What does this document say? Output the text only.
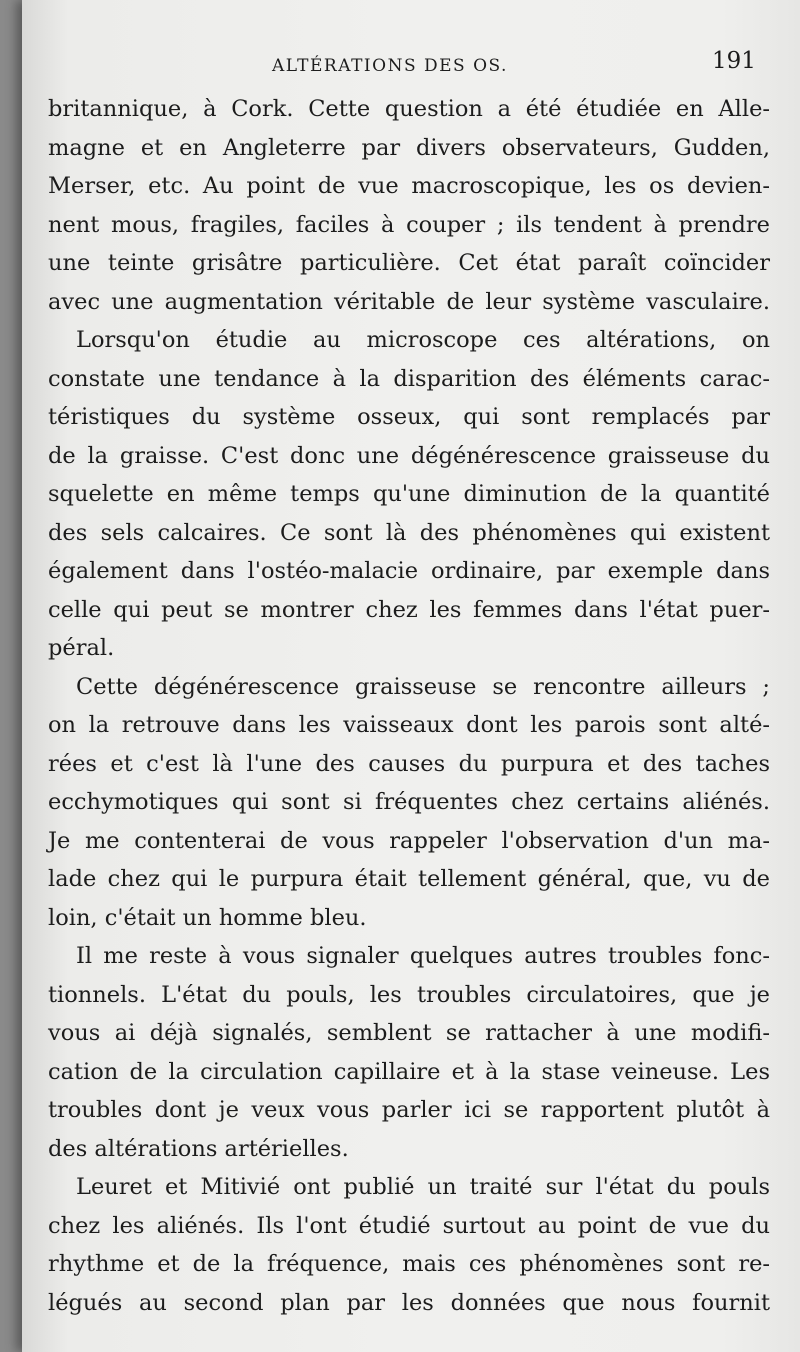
ALTÉRATIONS DES OS.	191
britannique, à Cork. Cette question a été étudiée en Alle-
magne et en Angleterre par divers observateurs, Gudden,
Merser, etc. Au point de vue macroscopique, les os devien-
nent mous, fragiles, faciles à couper ; ils tendent à prendre
une teinte grisâtre particulière. Cet état paraît coïncider
avec une augmentation véritable de leur système vasculaire.
Lorsqu'on étudie au microscope ces altérations, on
constate une tendance à la disparition des éléments carac-
téristiques du système osseux, qui sont remplacés par
de la graisse. C'est donc une dégénérescence graisseuse du
squelette en même temps qu'une diminution de la quantité
des sels calcaires. Ce sont là des phénomènes qui existent
également dans l'ostéo-malacie ordinaire, par exemple dans
celle qui peut se montrer chez les femmes dans l'état puer-
péral.
Cette dégénérescence graisseuse se rencontre ailleurs ;
on la retrouve dans les vaisseaux dont les parois sont alté-
rées et c'est là l'une des causes du purpura et des taches
ecchymotiques qui sont si fréquentes chez certains aliénés.
Je me contenterai de vous rappeler l'observation d'un ma-
lade chez qui le purpura était tellement général, que, vu de
loin, c'était un homme bleu.
Il me reste à vous signaler quelques autres troubles fonc-
tionnels. L'état du pouls, les troubles circulatoires, que je
vous ai déjà signalés, semblent se rattacher à une modifi-
cation de la circulation capillaire et à la stase veineuse. Les
troubles dont je veux vous parler ici se rapportent plutôt à
des altérations artérielles.
Leuret et Mitivié ont publié un traité sur l'état du pouls
chez les aliénés. Ils l'ont étudié surtout au point de vue du
rhythme et de la fréquence, mais ces phénomènes sont re-
légués au second plan par les données que nous fournit
